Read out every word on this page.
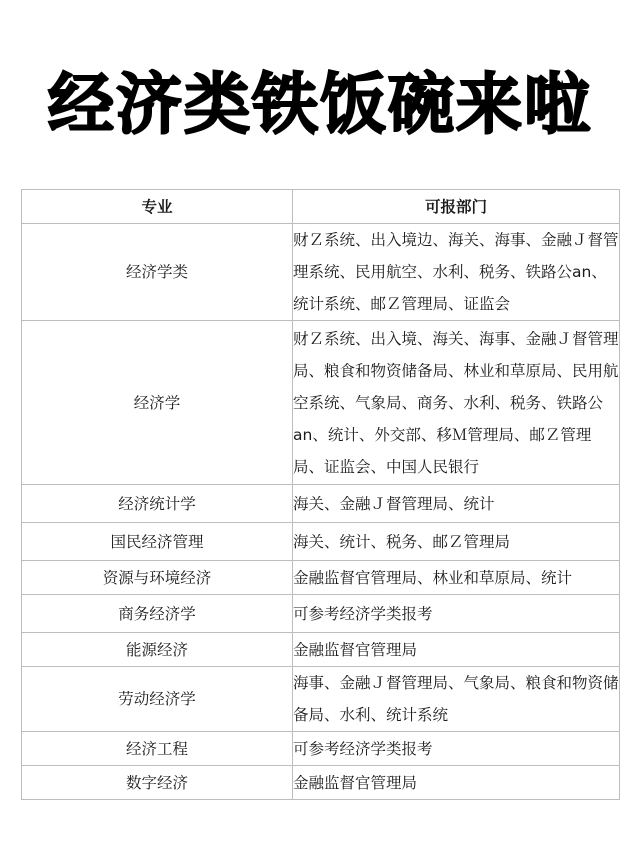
经济类铁饭碗来啦
专业	可报部门
经济学类	财Ｚ系统、出入境边、海关、海事、金融Ｊ督管理系统、民用航空、水利、税务、铁路公an、统计系统、邮Ｚ管理局、证监会
经济学	财Ｚ系统、出入境、海关、海事、金融Ｊ督管理局、粮食和物资储备局、林业和草原局、民用航空系统、气象局、商务、水利、税务、铁路公an、统计、外交部、移Ｍ管理局、邮Ｚ管理局、证监会、中国人民银行
经济统计学	海关、金融Ｊ督管理局、统计
国民经济管理	海关、统计、税务、邮Ｚ管理局
资源与环境经济	金融监督官管理局、林业和草原局、统计
商务经济学	可参考经济学类报考
能源经济	金融监督官管理局
劳动经济学	海事、金融Ｊ督管理局、气象局、粮食和物资储备局、水利、统计系统
经济工程	可参考经济学类报考
数字经济	金融监督官管理局
